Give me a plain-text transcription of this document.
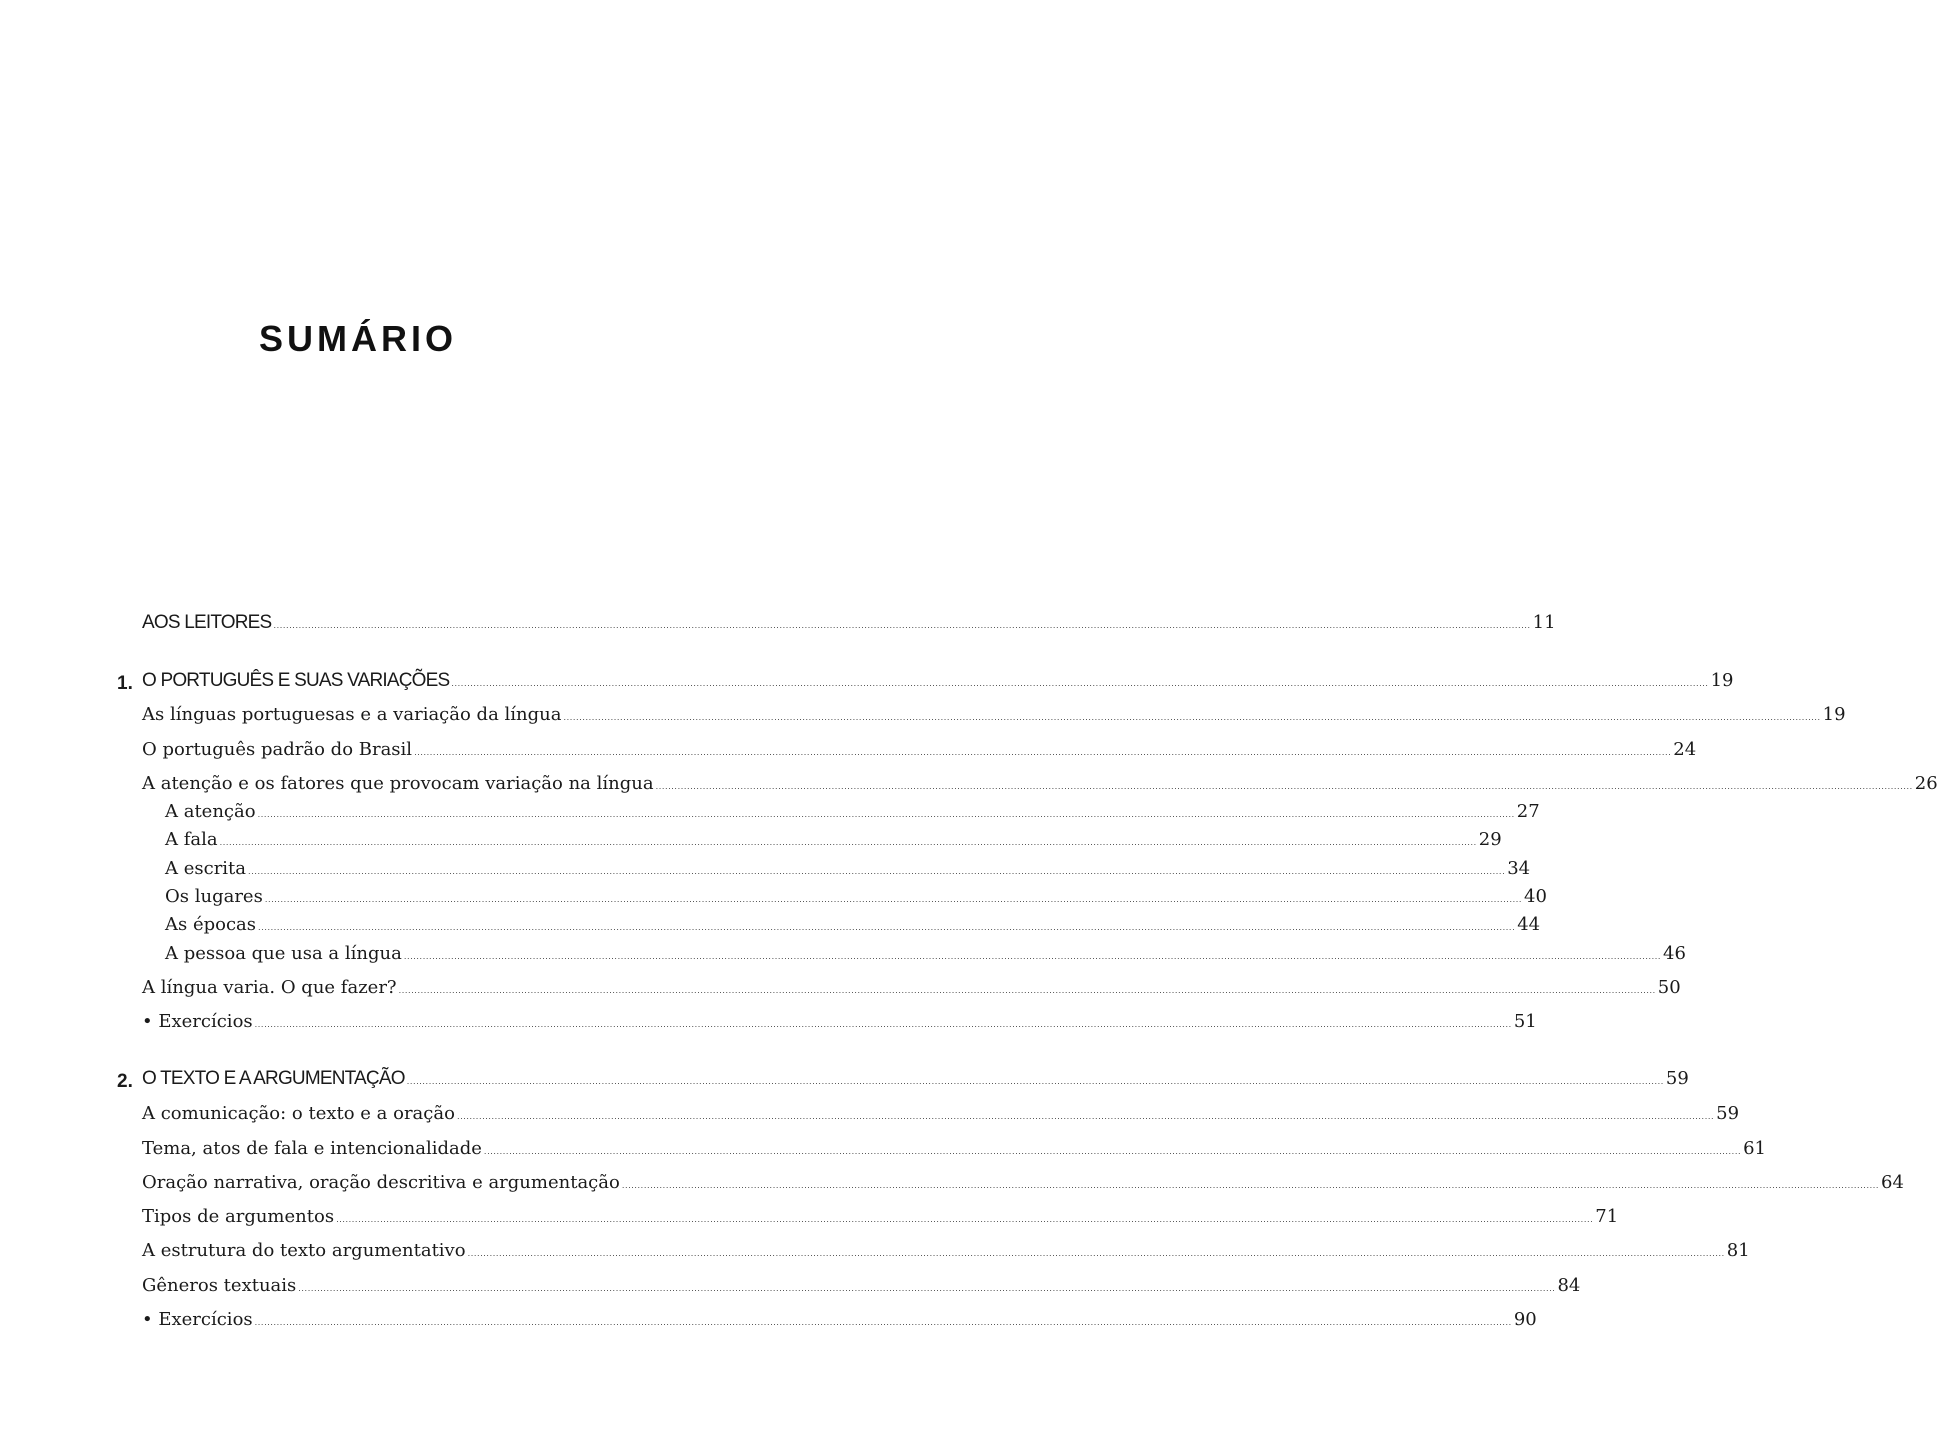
SUMÁRIO
AOS LEITORES ................................................................................................................................................................................................................................................................................................................................................................................................................ 11
1. O PORTUGUÊS E SUAS VARIAÇÕES ................................................................................................................................................................................................................................................................................................................................................................................................................ 19
As línguas portuguesas e a variação da língua ................................................................................................................................................................................................................................................................................................................................................................................................................ 19
O português padrão do Brasil ................................................................................................................................................................................................................................................................................................................................................................................................................ 24
A atenção e os fatores que provocam variação na língua ................................................................................................................................................................................................................................................................................................................................................................................................................ 26
A atenção ................................................................................................................................................................................................................................................................................................................................................................................................................ 27
A fala ................................................................................................................................................................................................................................................................................................................................................................................................................ 29
A escrita ................................................................................................................................................................................................................................................................................................................................................................................................................ 34
Os lugares ................................................................................................................................................................................................................................................................................................................................................................................................................ 40
As épocas ................................................................................................................................................................................................................................................................................................................................................................................................................ 44
A pessoa que usa a língua ................................................................................................................................................................................................................................................................................................................................................................................................................ 46
A língua varia. O que fazer? ................................................................................................................................................................................................................................................................................................................................................................................................................ 50
• Exercícios ................................................................................................................................................................................................................................................................................................................................................................................................................ 51
2. O TEXTO E A ARGUMENTAÇÃO ................................................................................................................................................................................................................................................................................................................................................................................................................ 59
A comunicação: o texto e a oração ................................................................................................................................................................................................................................................................................................................................................................................................................ 59
Tema, atos de fala e intencionalidade ................................................................................................................................................................................................................................................................................................................................................................................................................ 61
Oração narrativa, oração descritiva e argumentação ................................................................................................................................................................................................................................................................................................................................................................................................................ 64
Tipos de argumentos ................................................................................................................................................................................................................................................................................................................................................................................................................ 71
A estrutura do texto argumentativo ................................................................................................................................................................................................................................................................................................................................................................................................................ 81
Gêneros textuais ................................................................................................................................................................................................................................................................................................................................................................................................................ 84
• Exercícios ................................................................................................................................................................................................................................................................................................................................................................................................................ 90
